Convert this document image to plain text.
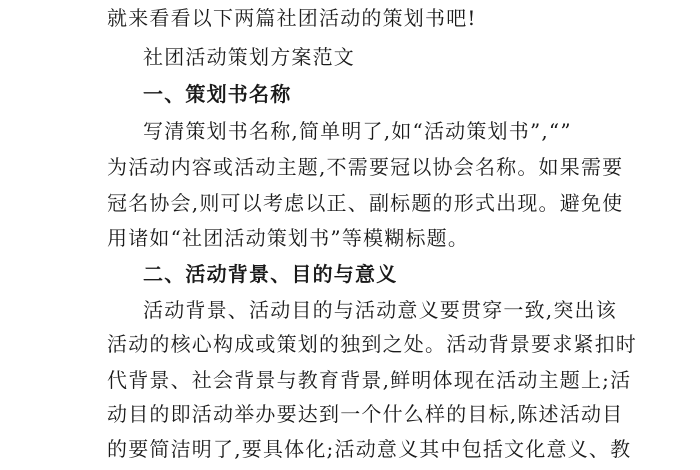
就来看看以下两篇社团活动的策划书吧!
社团活动策划方案范文
一、策划书名称
写清策划书名称,简单明了,如“活动策划书”,“”
为活动内容或活动主题,不需要冠以协会名称。如果需要
冠名协会,则可以考虑以正、副标题的形式出现。避免使
用诸如“社团活动策划书”等模糊标题。
二、活动背景、目的与意义
活动背景、活动目的与活动意义要贯穿一致,突出该
活动的核心构成或策划的独到之处。活动背景要求紧扣时
代背景、社会背景与教育背景,鲜明体现在活动主题上;活
动目的即活动举办要达到一个什么样的目标,陈述活动目
的要简洁明了,要具体化;活动意义其中包括文化意义、教
